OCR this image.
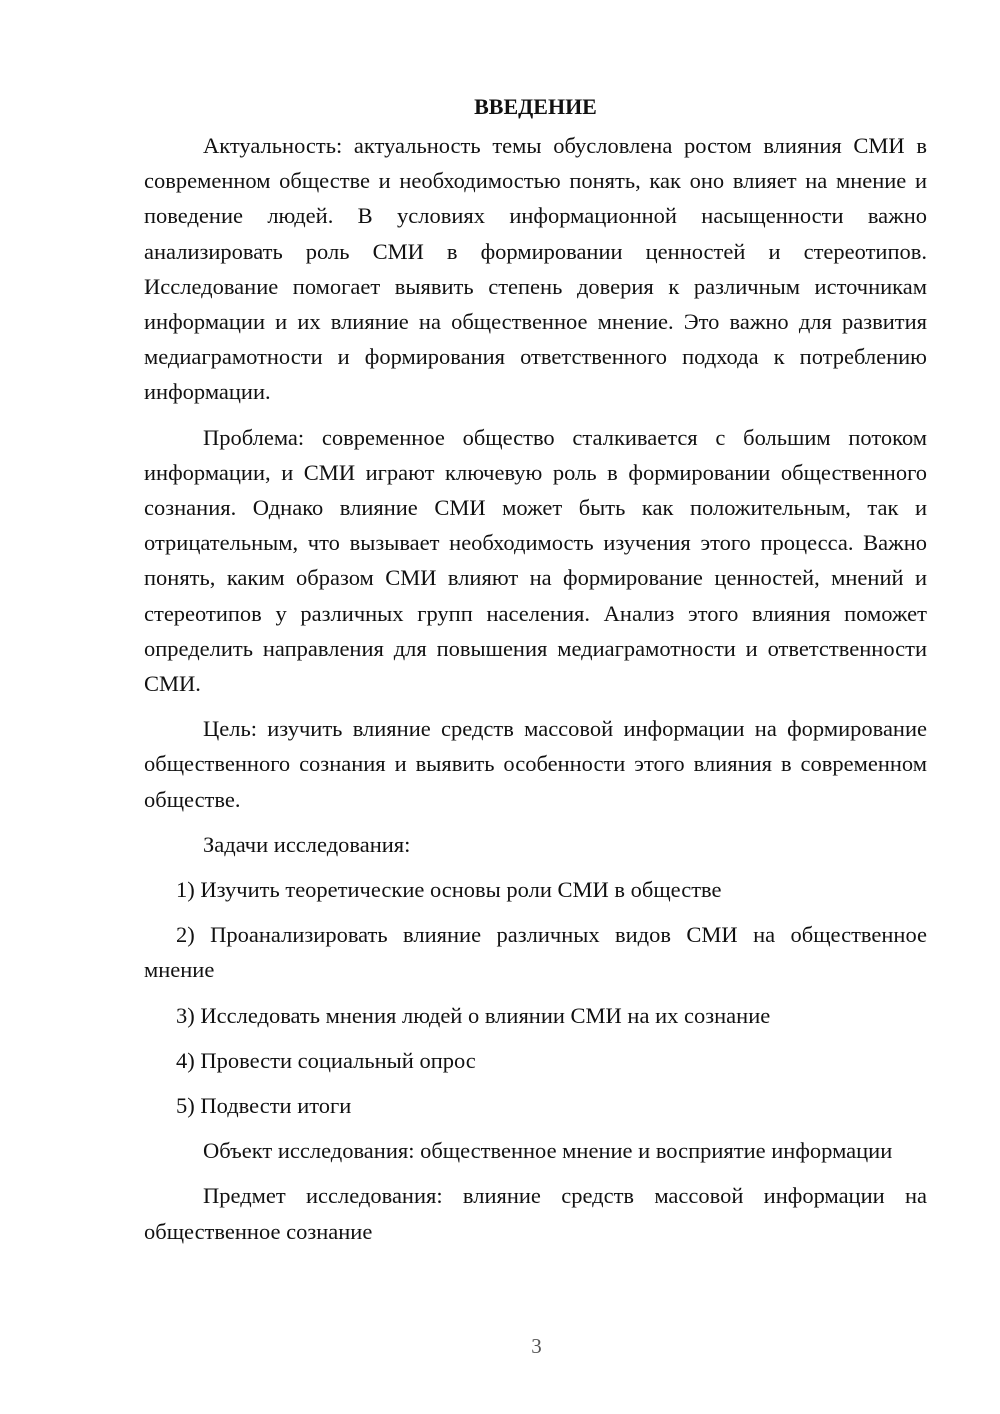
ВВЕДЕНИЕ

Актуальность: актуальность темы обусловлена ростом влияния СМИ в современном обществе и необходимостью понять, как оно влияет на мнение и поведение людей. В условиях информационной насыщенности важно анализировать роль СМИ в формировании ценностей и стереотипов. Исследование помогает выявить степень доверия к различным источникам информации и их влияние на общественное мнение. Это важно для развития медиаграмотности и формирования ответственного подхода к потреблению информации.

Проблема: современное общество сталкивается с большим потоком информации, и СМИ играют ключевую роль в формировании общественного сознания. Однако влияние СМИ может быть как положительным, так и отрицательным, что вызывает необходимость изучения этого процесса. Важно понять, каким образом СМИ влияют на формирование ценностей, мнений и стереотипов у различных групп населения. Анализ этого влияния поможет определить направления для повышения медиаграмотности и ответственности СМИ.

Цель: изучить влияние средств массовой информации на формирование общественного сознания и выявить особенности этого влияния в современном обществе.

Задачи исследования:

1) Изучить теоретические основы роли СМИ в обществе

2) Проанализировать влияние различных видов СМИ на общественное мнение

3) Исследовать мнения людей о влиянии СМИ на их сознание

4) Провести социальный опрос

5) Подвести итоги

Объект исследования: общественное мнение и восприятие информации

Предмет исследования: влияние средств массовой информации на общественное сознание

3
